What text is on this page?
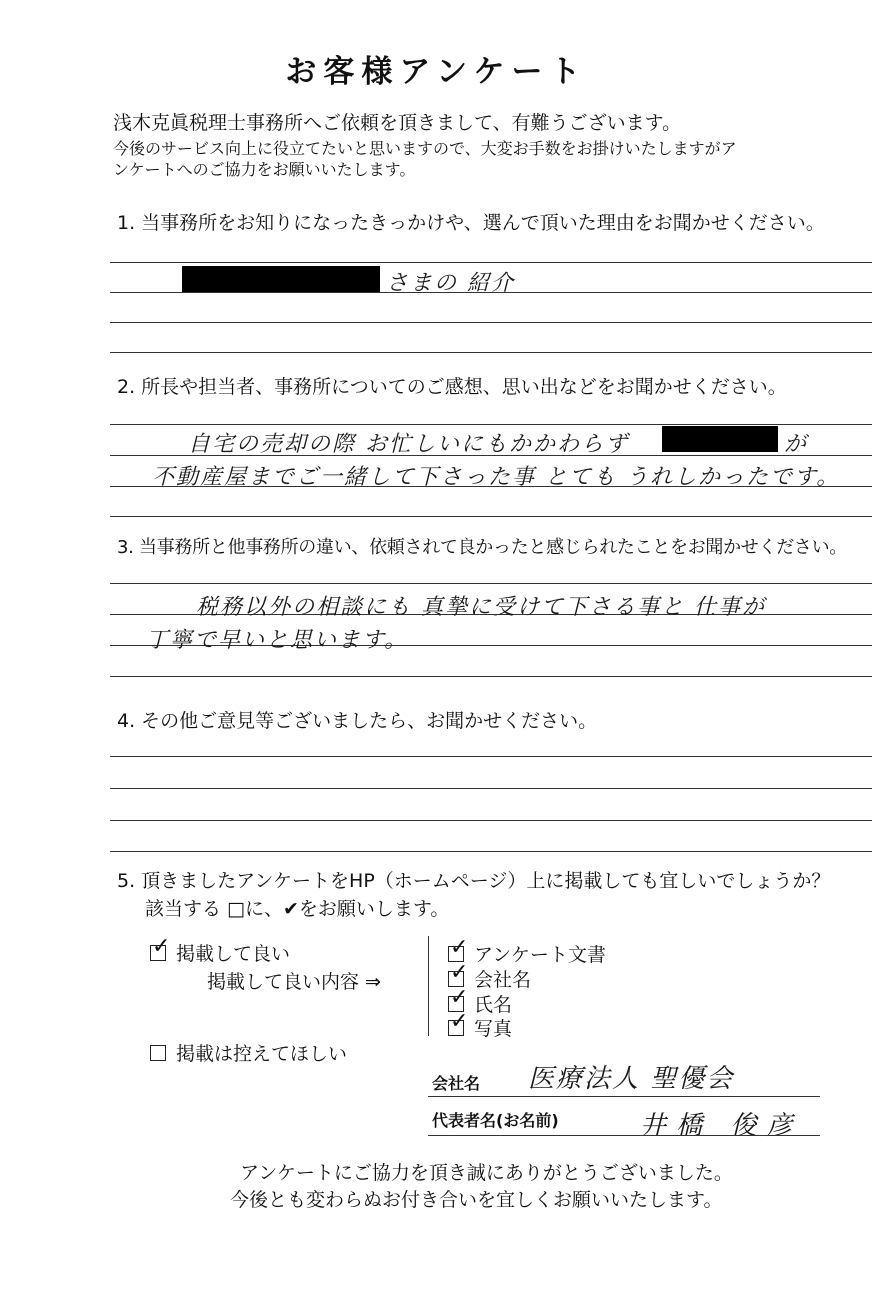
お客様アンケート
浅木克眞税理士事務所へご依頼を頂きまして、有難うございます。
今後のサービス向上に役立てたいと思いますので、大変お手数をお掛けいたしますがア
ンケートへのご協力をお願いいたします。
1. 当事務所をお知りになったきっかけや、選んで頂いた理由をお聞かせください。
さまの 紹介
2. 所長や担当者、事務所についてのご感想、思い出などをお聞かせください。
自宅の売却の際 お忙しいにもかかわらず	が
不動産屋までご一緒して下さった事 とても うれしかったです。
3. 当事務所と他事務所の違い、依頼されて良かったと感じられたことをお聞かせください。
税務以外の相談にも 真摯に受けて下さる事と 仕事が
丁寧で早いと思います。
4. その他ご意見等ございましたら、お聞かせください。
5. 頂きましたアンケートをHP（ホームページ）上に掲載しても宜しいでしょうか？
該当する □に、✔をお願いします。
✓掲載して良い
掲載して良い内容 ⇒
✓アンケート文書
✓会社名
✓氏名
✓写真
掲載は控えてほしい
会社名 医療法人 聖優会
代表者名(お名前)	井橋 俊彦
アンケートにご協力を頂き誠にありがとうございました。
今後とも変わらぬお付き合いを宜しくお願いいたします。
